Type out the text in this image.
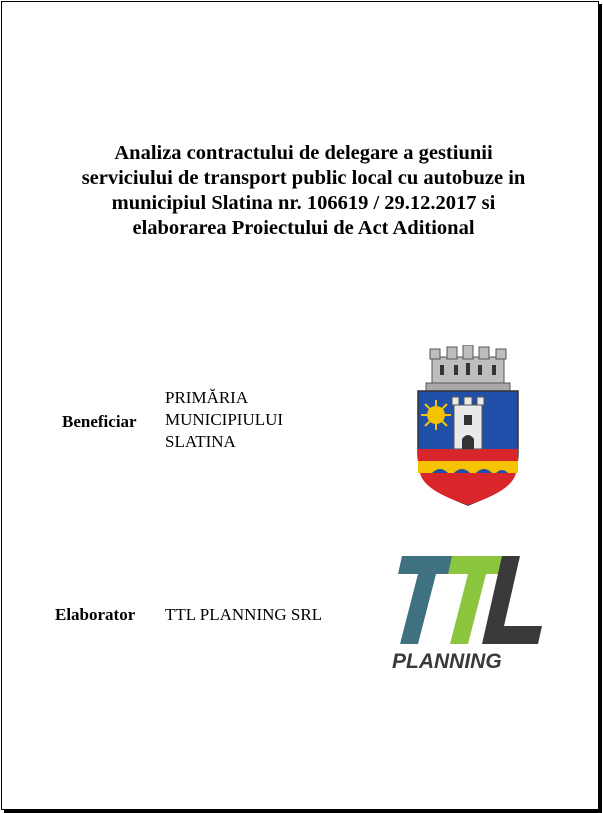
Analiza contractului de delegare a gestiunii
serviciului de transport public local cu autobuze in
municipiul Slatina nr. 106619 / 29.12.2017 si
elaborarea Proiectului de Act Aditional
Beneficiar
PRIMĂRIA
MUNICIPIULUI
SLATINA
Elaborator TTL PLANNING SRL
PLANNING
